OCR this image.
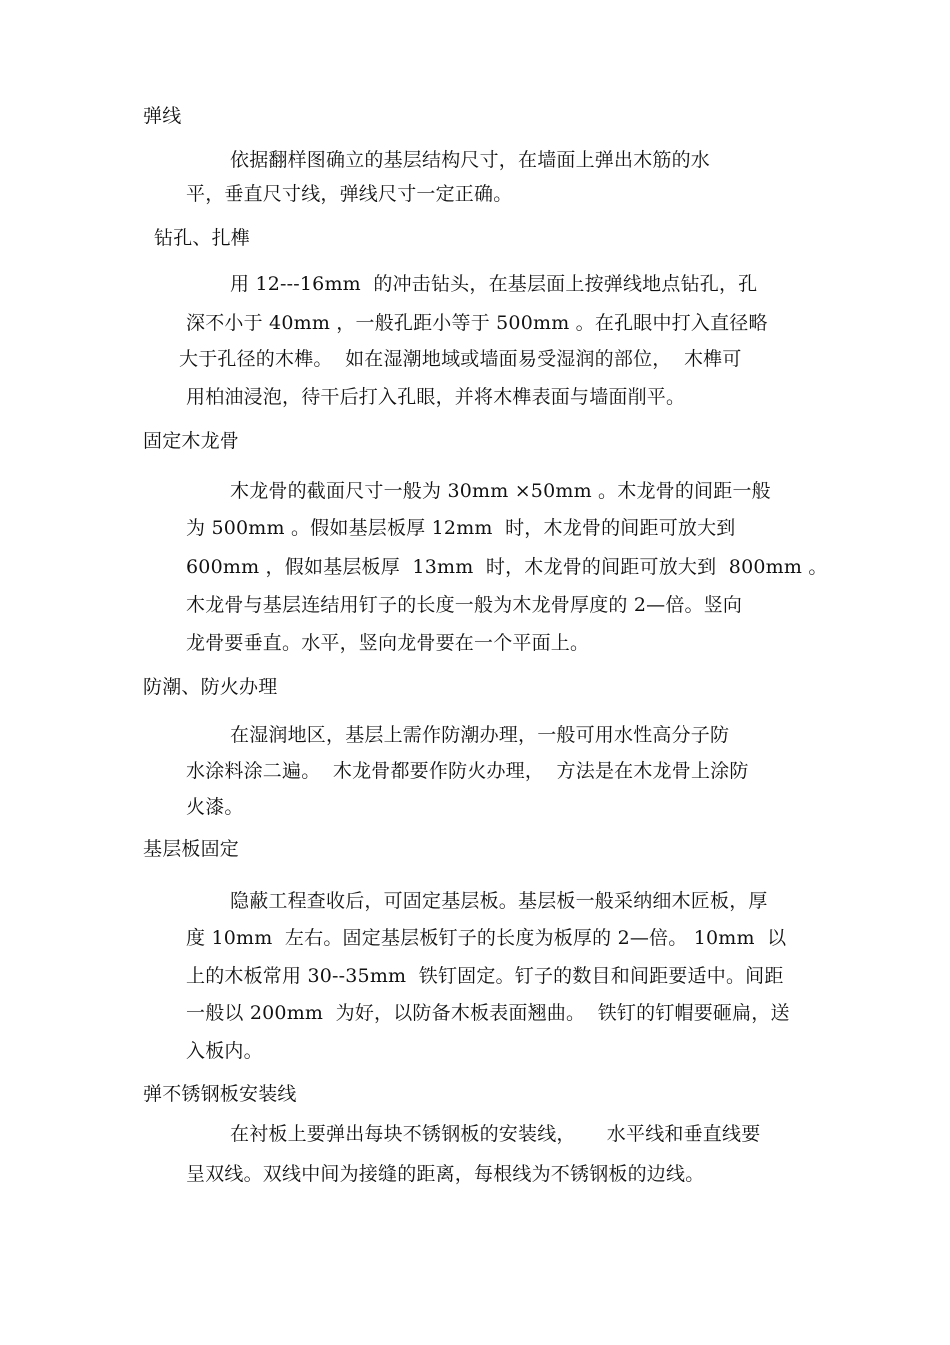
弹线
依据翻样图确立的基层结构尺寸，在墙面上弹出木筋的水
平，垂直尺寸线，弹线尺寸一定正确。
钻孔、扎榫
用 12---16mm  的冲击钻头，在基层面上按弹线地点钻孔，孔
深不小于 40mm ，一般孔距小等于 500mm 。在孔眼中打入直径略
大于孔径的木榫。  如在湿潮地域或墙面易受湿润的部位，  木榫可
用柏油浸泡，待干后打入孔眼，并将木榫表面与墙面削平。
固定木龙骨
木龙骨的截面尺寸一般为 30mm ×50mm 。木龙骨的间距一般
为 500mm 。假如基层板厚 12mm  时，木龙骨的间距可放大到
600mm ，假如基层板厚  13mm  时，木龙骨的间距可放大到  800mm 。
木龙骨与基层连结用钉子的长度一般为木龙骨厚度的 2—倍。竖向
龙骨要垂直。水平，竖向龙骨要在一个平面上。
防潮、防火办理
在湿润地区，基层上需作防潮办理，一般可用水性高分子防
水涂料涂二遍。  木龙骨都要作防火办理，  方法是在木龙骨上涂防
火漆。
基层板固定
隐蔽工程查收后，可固定基层板。基层板一般采纳细木匠板，厚
度 10mm  左右。固定基层板钉子的长度为板厚的 2—倍。 10mm  以
上的木板常用 30--35mm  铁钉固定。钉子的数目和间距要适中。间距
一般以 200mm  为好，以防备木板表面翘曲。  铁钉的钉帽要砸扁，送
入板内。
弹不锈钢板安装线
在衬板上要弹出每块不锈钢板的安装线，     水平线和垂直线要
呈双线。双线中间为接缝的距离，每根线为不锈钢板的边线。
